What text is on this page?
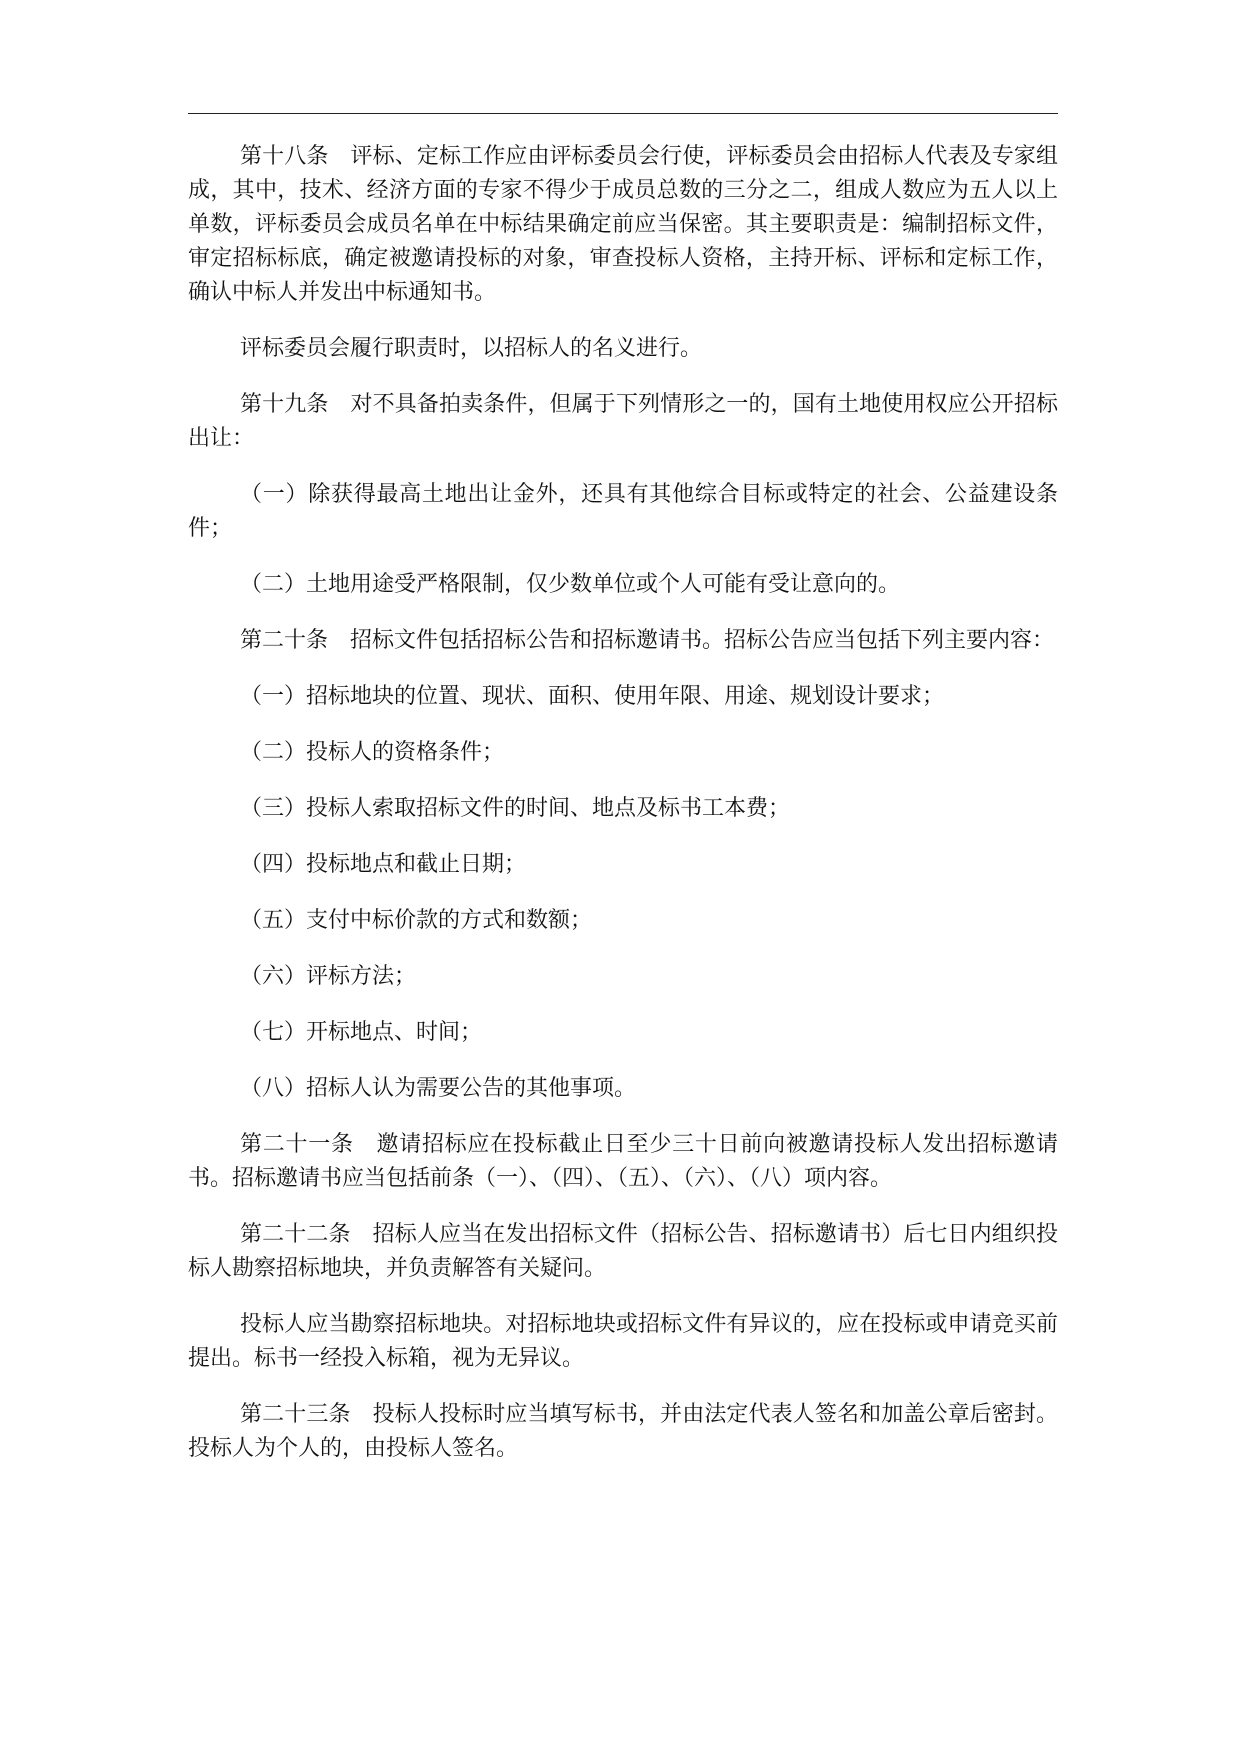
第十八条　评标、定标工作应由评标委员会行使，评标委员会由招标人代表及专家组成，其中，技术、经济方面的专家不得少于成员总数的三分之二，组成人数应为五人以上单数，评标委员会成员名单在中标结果确定前应当保密。其主要职责是：编制招标文件，审定招标标底，确定被邀请投标的对象，审查投标人资格，主持开标、评标和定标工作，确认中标人并发出中标通知书。

评标委员会履行职责时，以招标人的名义进行。

第十九条　对不具备拍卖条件，但属于下列情形之一的，国有土地使用权应公开招标出让：

（一）除获得最高土地出让金外，还具有其他综合目标或特定的社会、公益建设条件；

（二）土地用途受严格限制，仅少数单位或个人可能有受让意向的。

第二十条　招标文件包括招标公告和招标邀请书。招标公告应当包括下列主要内容：

（一）招标地块的位置、现状、面积、使用年限、用途、规划设计要求；

（二）投标人的资格条件；

（三）投标人索取招标文件的时间、地点及标书工本费；

（四）投标地点和截止日期；

（五）支付中标价款的方式和数额；

（六）评标方法；

（七）开标地点、时间；

（八）招标人认为需要公告的其他事项。

第二十一条　邀请招标应在投标截止日至少三十日前向被邀请投标人发出招标邀请书。招标邀请书应当包括前条（一）、（四）、（五）、（六）、（八）项内容。

第二十二条　招标人应当在发出招标文件（招标公告、招标邀请书）后七日内组织投标人勘察招标地块，并负责解答有关疑问。

投标人应当勘察招标地块。对招标地块或招标文件有异议的，应在投标或申请竞买前提出。标书一经投入标箱，视为无异议。

第二十三条　投标人投标时应当填写标书，并由法定代表人签名和加盖公章后密封。投标人为个人的，由投标人签名。
